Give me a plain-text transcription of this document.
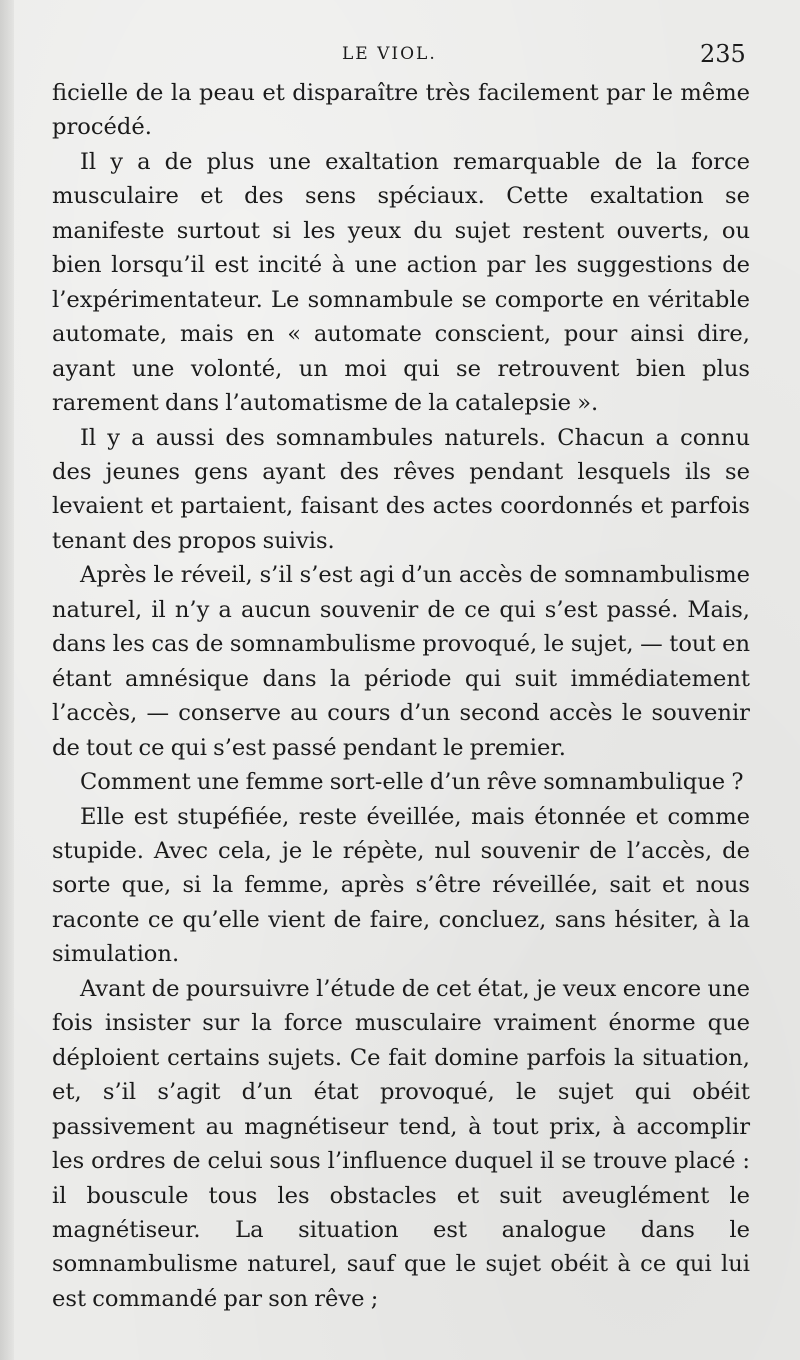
LE VIOL.	235

ficielle de la peau et disparaître très facilement par le même procédé.

Il y a de plus une exaltation remarquable de la force musculaire et des sens spéciaux. Cette exaltation se manifeste surtout si les yeux du sujet restent ouverts, ou bien lorsqu’il est incité à une action par les suggestions de l’expérimentateur. Le somnambule se comporte en véritable automate, mais en « automate conscient, pour ainsi dire, ayant une volonté, un moi qui se retrouvent bien plus rarement dans l’automatisme de la catalepsie ».

Il y a aussi des somnambules naturels. Chacun a connu des jeunes gens ayant des rêves pendant lesquels ils se levaient et partaient, faisant des actes coordonnés et parfois tenant des propos suivis.

Après le réveil, s’il s’est agi d’un accès de somnambulisme naturel, il n’y a aucun souvenir de ce qui s’est passé. Mais, dans les cas de somnambulisme provoqué, le sujet, — tout en étant amnésique dans la période qui suit immédiatement l’accès, — conserve au cours d’un second accès le souvenir de tout ce qui s’est passé pendant le premier.

Comment une femme sort-elle d’un rêve somnambulique ?

Elle est stupéfiée, reste éveillée, mais étonnée et comme stupide. Avec cela, je le répète, nul souvenir de l’accès, de sorte que, si la femme, après s’être réveillée, sait et nous raconte ce qu’elle vient de faire, concluez, sans hésiter, à la simulation.

Avant de poursuivre l’étude de cet état, je veux encore une fois insister sur la force musculaire vraiment énorme que déploient certains sujets. Ce fait domine parfois la situation, et, s’il s’agit d’un état provoqué, le sujet qui obéit passivement au magnétiseur tend, à tout prix, à accomplir les ordres de celui sous l’influence duquel il se trouve placé : il bouscule tous les obstacles et suit aveuglément le magnétiseur. La situation est analogue dans le somnambulisme naturel, sauf que le sujet obéit à ce qui lui est commandé par son rêve ;
